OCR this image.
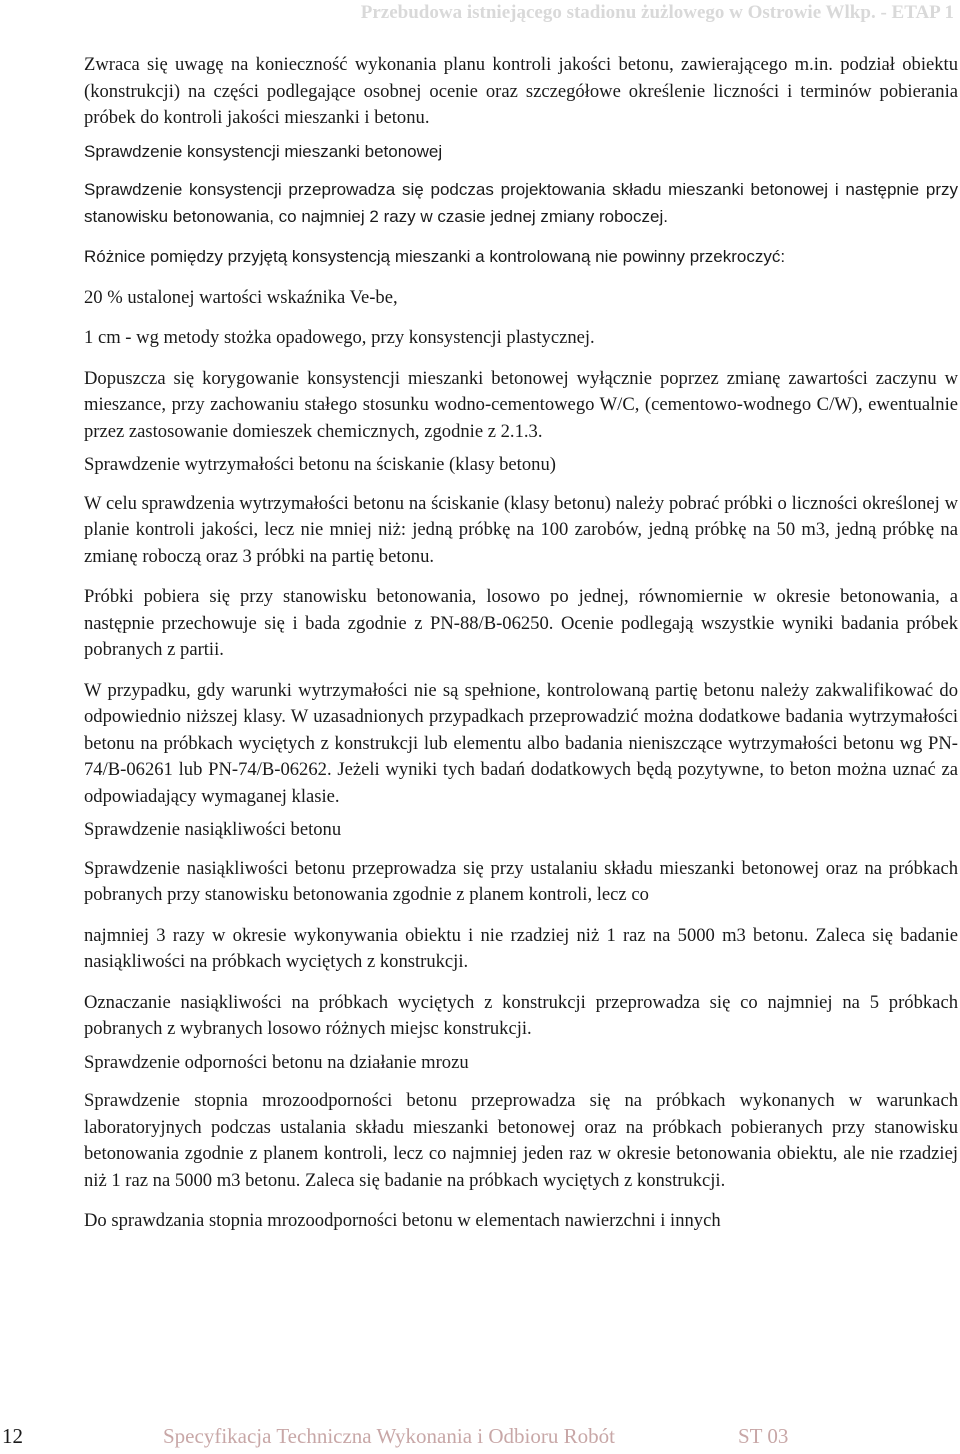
Przebudowa istniejącego stadionu żużlowego w Ostrowie Wlkp. - ETAP 1

Zwraca się uwagę na konieczność wykonania planu kontroli jakości betonu, zawierającego m.in. podział obiektu (konstrukcji) na części podlegające osobnej ocenie oraz szczegółowe określenie liczności i terminów pobierania próbek do kontroli jakości mieszanki i betonu.

Sprawdzenie konsystencji mieszanki betonowej

Sprawdzenie konsystencji przeprowadza się podczas projektowania składu mieszanki betonowej i następnie przy stanowisku betonowania, co najmniej 2 razy w czasie jednej zmiany roboczej.

Różnice pomiędzy przyjętą konsystencją mieszanki a kontrolowaną nie powinny przekroczyć:

20 % ustalonej wartości wskaźnika Ve-be,

1 cm - wg metody stożka opadowego, przy konsystencji plastycznej.

Dopuszcza się korygowanie konsystencji mieszanki betonowej wyłącznie poprzez zmianę zawartości zaczynu w mieszance, przy zachowaniu stałego stosunku wodno-cementowego W/C, (cementowo-wodnego C/W), ewentualnie przez zastosowanie domieszek chemicznych, zgodnie z 2.1.3.

Sprawdzenie wytrzymałości betonu na ściskanie (klasy betonu)

W celu sprawdzenia wytrzymałości betonu na ściskanie (klasy betonu) należy pobrać próbki o liczności określonej w planie kontroli jakości, lecz nie mniej niż: jedną próbkę na 100 zarobów, jedną próbkę na 50 m3, jedną próbkę na zmianę roboczą oraz 3 próbki na partię betonu.

Próbki pobiera się przy stanowisku betonowania, losowo po jednej, równomiernie w okresie betonowania, a następnie przechowuje się i bada zgodnie z PN-88/B-06250. Ocenie podlegają wszystkie wyniki badania próbek pobranych z partii.

W przypadku, gdy warunki wytrzymałości nie są spełnione, kontrolowaną partię betonu należy zakwalifikować do odpowiednio niższej klasy. W uzasadnionych przypadkach przeprowadzić można dodatkowe badania wytrzymałości betonu na próbkach wyciętych z konstrukcji lub elementu albo badania nieniszczące wytrzymałości betonu wg PN-74/B-06261 lub PN-74/B-06262. Jeżeli wyniki tych badań dodatkowych będą pozytywne, to beton można uznać za odpowiadający wymaganej klasie.

Sprawdzenie nasiąkliwości betonu

Sprawdzenie nasiąkliwości betonu przeprowadza się przy ustalaniu składu mieszanki betonowej oraz na próbkach pobranych przy stanowisku betonowania zgodnie z planem kontroli, lecz co

najmniej 3 razy w okresie wykonywania obiektu i nie rzadziej niż 1 raz na 5000 m3 betonu. Zaleca się badanie nasiąkliwości na próbkach wyciętych z konstrukcji.

Oznaczanie nasiąkliwości na próbkach wyciętych z konstrukcji przeprowadza się co najmniej na 5 próbkach pobranych z wybranych losowo różnych miejsc konstrukcji.

Sprawdzenie odporności betonu na działanie mrozu

Sprawdzenie stopnia mrozoodporności betonu przeprowadza się na próbkach wykonanych w warunkach laboratoryjnych podczas ustalania składu mieszanki betonowej oraz na próbkach pobieranych przy stanowisku betonowania zgodnie z planem kontroli, lecz co najmniej jeden raz w okresie betonowania obiektu, ale nie rzadziej niż 1 raz na 5000 m3 betonu. Zaleca się badanie na próbkach wyciętych z konstrukcji.

Do sprawdzania stopnia mrozoodporności betonu w elementach nawierzchni i innych

12	Specyfikacja Techniczna Wykonania i Odbioru Robót	ST 03
